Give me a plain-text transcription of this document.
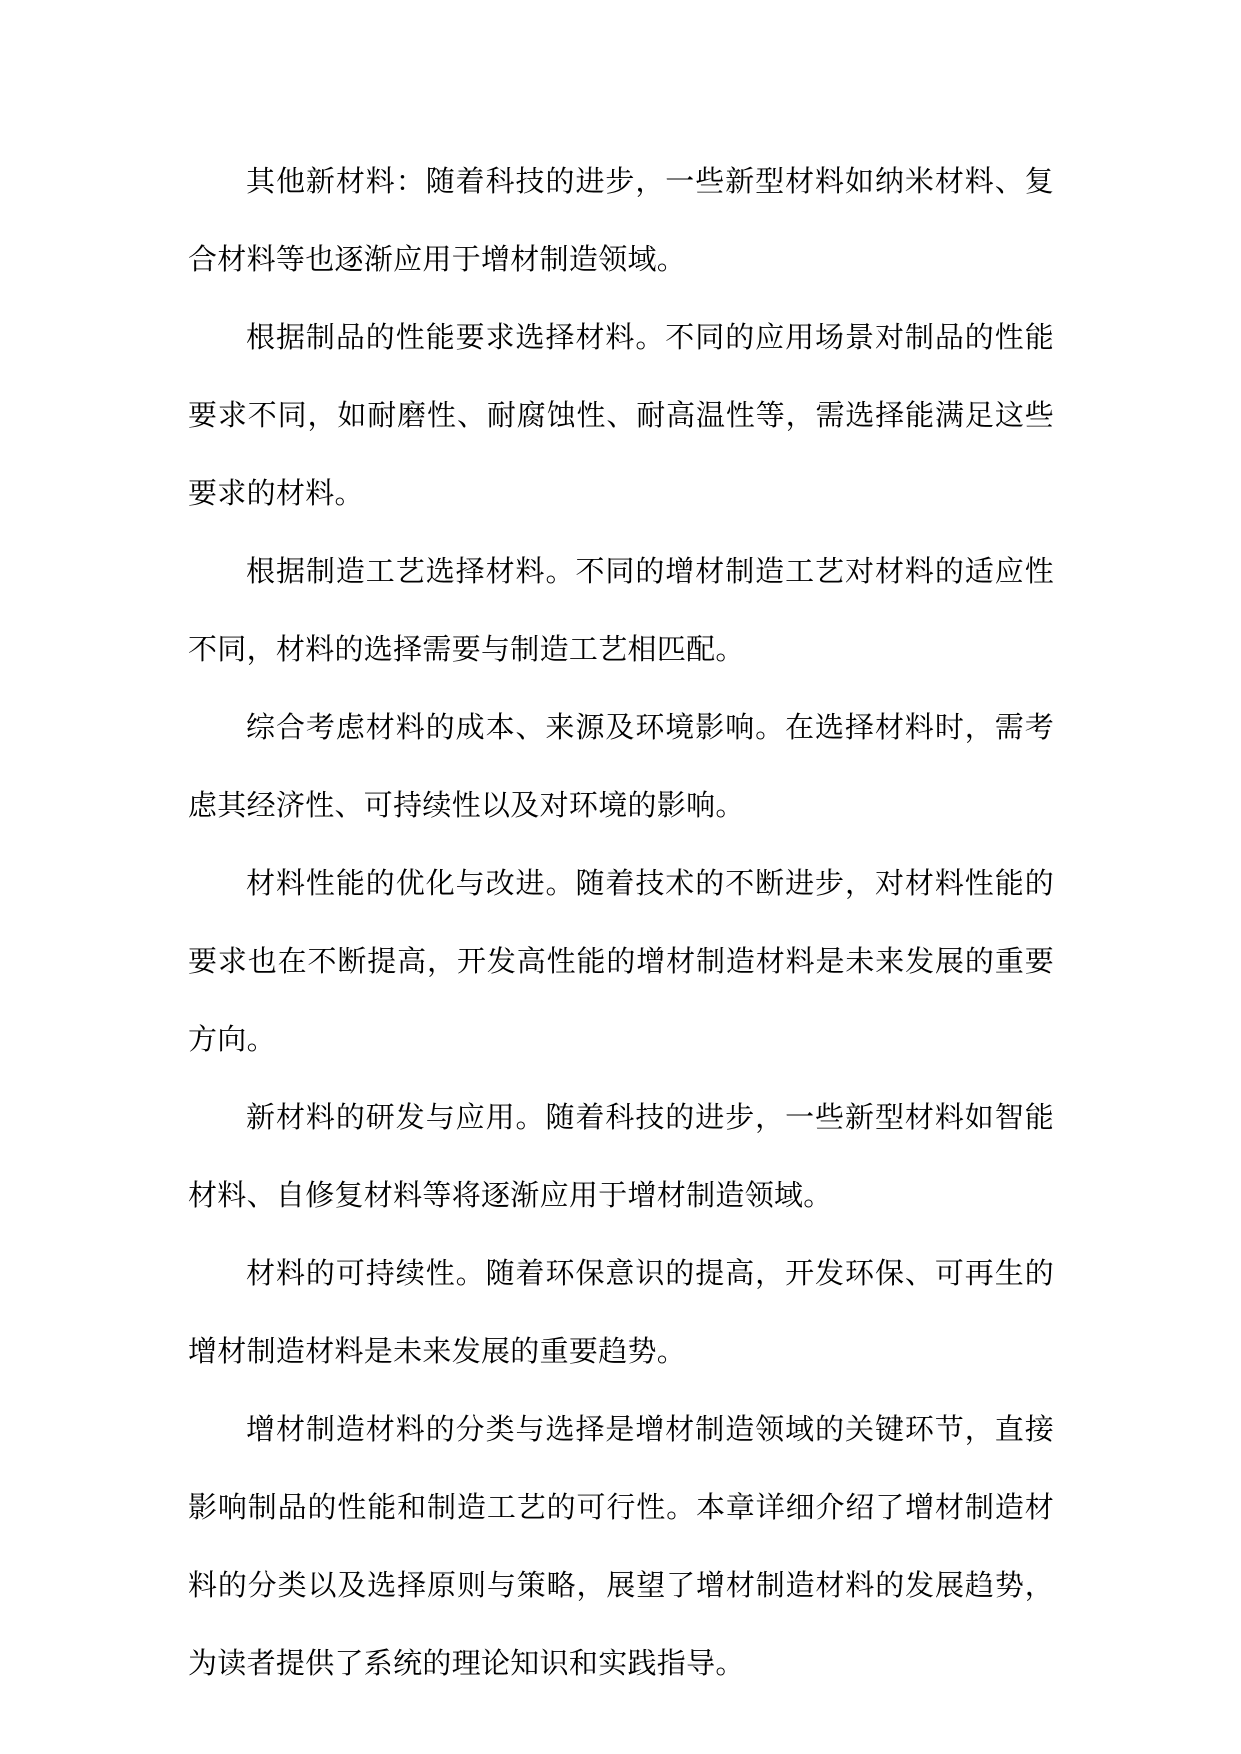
其他新材料：随着科技的进步，一些新型材料如纳米材料、复合材料等也逐渐应用于增材制造领域。

根据制品的性能要求选择材料。不同的应用场景对制品的性能要求不同，如耐磨性、耐腐蚀性、耐高温性等，需选择能满足这些要求的材料。

根据制造工艺选择材料。不同的增材制造工艺对材料的适应性不同，材料的选择需要与制造工艺相匹配。

综合考虑材料的成本、来源及环境影响。在选择材料时，需考虑其经济性、可持续性以及对环境的影响。

材料性能的优化与改进。随着技术的不断进步，对材料性能的要求也在不断提高，开发高性能的增材制造材料是未来发展的重要方向。

新材料的研发与应用。随着科技的进步，一些新型材料如智能材料、自修复材料等将逐渐应用于增材制造领域。

材料的可持续性。随着环保意识的提高，开发环保、可再生的增材制造材料是未来发展的重要趋势。

增材制造材料的分类与选择是增材制造领域的关键环节，直接影响制品的性能和制造工艺的可行性。本章详细介绍了增材制造材料的分类以及选择原则与策略，展望了增材制造材料的发展趋势，为读者提供了系统的理论知识和实践指导。
